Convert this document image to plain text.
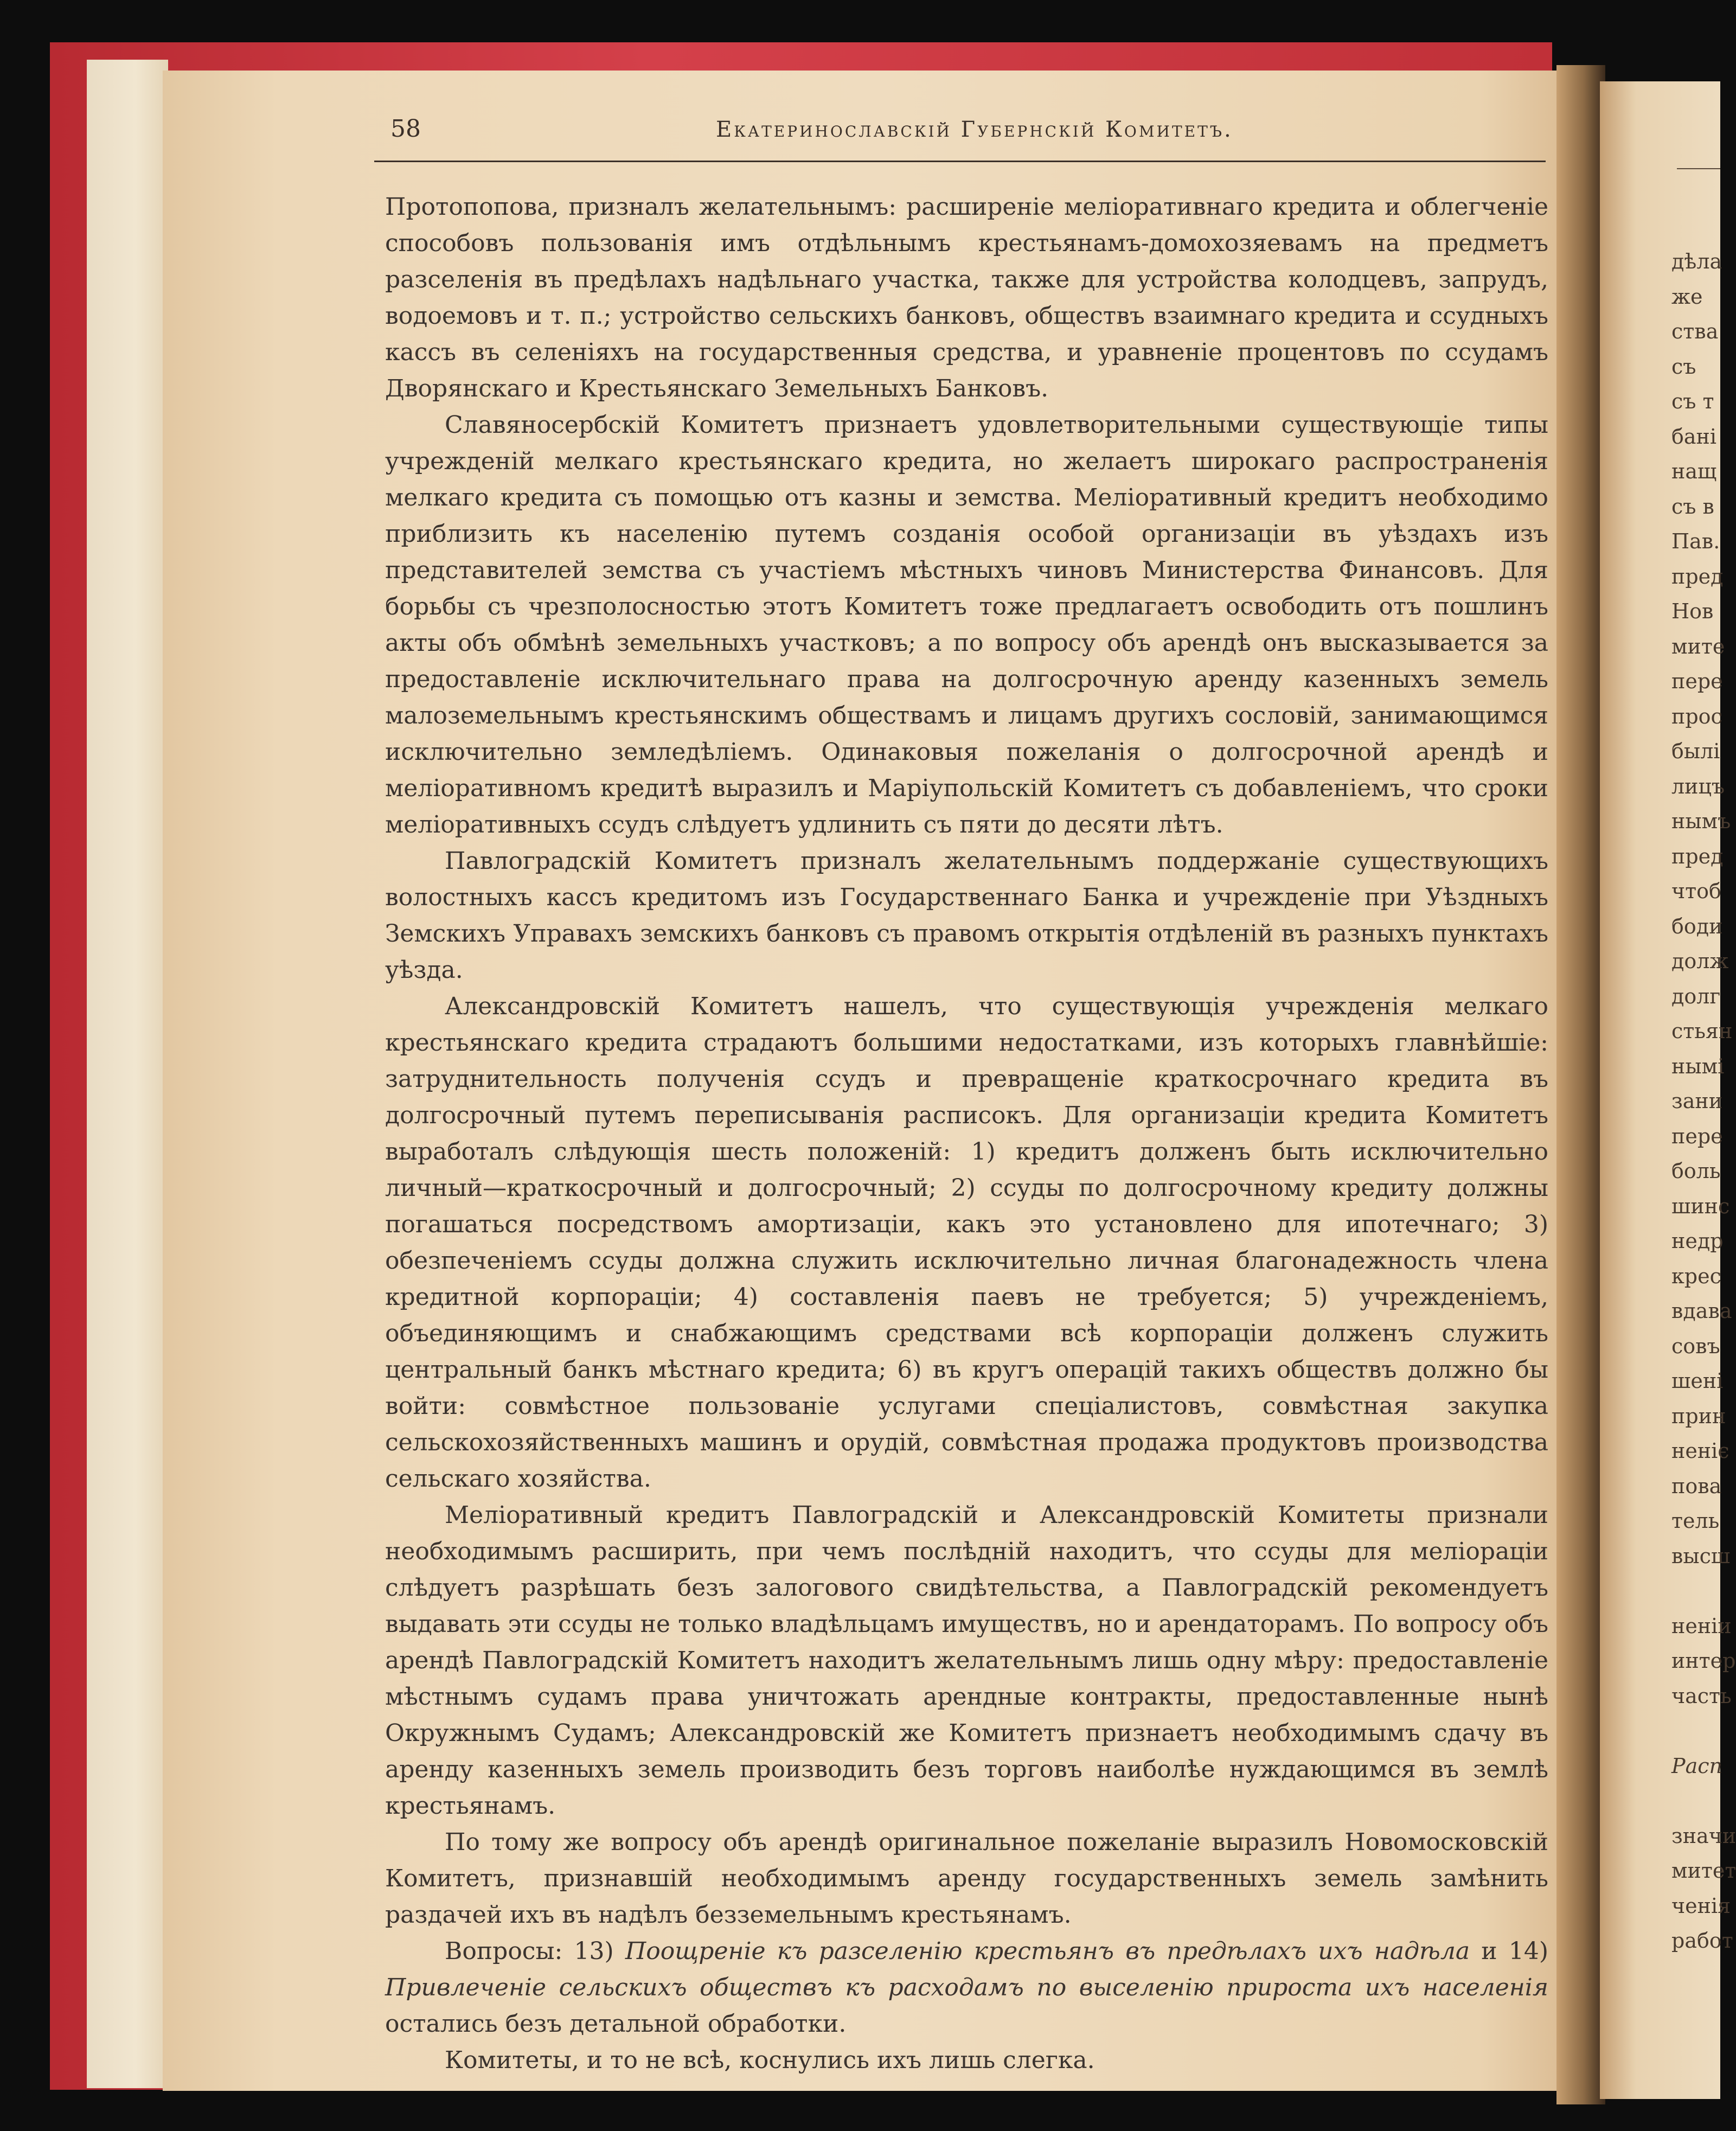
58	Екатеринославскій Губернскій Комитетъ.

Протопопова, призналъ желательнымъ: расширеніе меліоративнаго кредита и облегченіе способовъ пользованія имъ отдѣльнымъ крестьянамъ-домохозяевамъ на предметъ разселенія въ предѣлахъ надѣльнаго участка, также для устройства колодцевъ, запрудъ, водоемовъ и т. п.; устройство сельскихъ банковъ, обществъ взаимнаго кредита и ссудныхъ кассъ въ селеніяхъ на государственныя средства, и уравненіе процентовъ по ссудамъ Дворянскаго и Крестьянскаго Земельныхъ Банковъ.

Славяносербскій Комитетъ признаетъ удовлетворительными существующіе типы учрежденій мелкаго крестьянскаго кредита, но желаетъ широкаго распространенія мелкаго кредита съ помощью отъ казны и земства. Меліоративный кредитъ необходимо приблизить къ населенію путемъ созданія особой организаціи въ уѣздахъ изъ представителей земства съ участіемъ мѣстныхъ чиновъ Министерства Финансовъ. Для борьбы съ чрезполосностью этотъ Комитетъ тоже предлагаетъ освободить отъ пошлинъ акты объ обмѣнѣ земельныхъ участковъ; а по вопросу объ арендѣ онъ высказывается за предоставленіе исключительнаго права на долгосрочную аренду казенныхъ земель малоземельнымъ крестьянскимъ обществамъ и лицамъ другихъ сословій, занимающимся исключительно земледѣліемъ. Одинаковыя пожеланія о долгосрочной арендѣ и меліоративномъ кредитѣ выразилъ и Маріупольскій Комитетъ съ добавленіемъ, что сроки меліоративныхъ ссудъ слѣдуетъ удлинить съ пяти до десяти лѣтъ.

Павлоградскій Комитетъ призналъ желательнымъ поддержаніе существующихъ волостныхъ кассъ кредитомъ изъ Государственнаго Банка и учрежденіе при Уѣздныхъ Земскихъ Управахъ земскихъ банковъ съ правомъ открытія отдѣленій въ разныхъ пунктахъ уѣзда.

Александровскій Комитетъ нашелъ, что существующія учрежденія мелкаго крестьянскаго кредита страдаютъ большими недостатками, изъ которыхъ главнѣйшіе: затруднительность полученія ссудъ и превращеніе краткосрочнаго кредита въ долгосрочный путемъ переписыванія расписокъ. Для организаціи кредита Комитетъ выработалъ слѣдующія шесть положеній: 1) кредитъ долженъ быть исключительно личный—краткосрочный и долгосрочный; 2) ссуды по долгосрочному кредиту должны погашаться посредствомъ амортизаціи, какъ это установлено для ипотечнаго; 3) обезпеченіемъ ссуды должна служить исключительно личная благонадежность члена кредитной корпораціи; 4) составленія паевъ не требуется; 5) учрежденіемъ, объединяющимъ и снабжающимъ средствами всѣ корпораціи долженъ служить центральный банкъ мѣстнаго кредита; 6) въ кругъ операцій такихъ обществъ должно бы войти: совмѣстное пользованіе услугами спеціалистовъ, совмѣстная закупка сельскохозяйственныхъ машинъ и орудій, совмѣстная продажа продуктовъ производства сельскаго хозяйства.

Меліоративный кредитъ Павлоградскій и Александровскій Комитеты признали необходимымъ расширить, при чемъ послѣдній находитъ, что ссуды для меліораціи слѣдуетъ разрѣшать безъ залогового свидѣтельства, а Павлоградскій рекомендуетъ выдавать эти ссуды не только владѣльцамъ имуществъ, но и арендаторамъ. По вопросу объ арендѣ Павлоградскій Комитетъ находитъ желательнымъ лишь одну мѣру: предоставленіе мѣстнымъ судамъ права уничтожать арендные контракты, предоставленные нынѣ Окружнымъ Судамъ; Александровскій же Комитетъ признаетъ необходимымъ сдачу въ аренду казенныхъ земель производить безъ торговъ наиболѣе нуждающимся въ землѣ крестьянамъ.

По тому же вопросу объ арендѣ оригинальное пожеланіе выразилъ Новомосковскій Комитетъ, признавшій необходимымъ аренду государственныхъ земель замѣнить раздачей ихъ въ надѣлъ безземельнымъ крестьянамъ.

Вопросы: 13) Поощреніе къ разселенію крестьянъ въ предѣлахъ ихъ надѣла и 14) Привлеченіе сельскихъ обществъ къ расходамъ по выселенію прироста ихъ населенія остались безъ детальной обработки.

Комитеты, и то не всѣ, коснулись ихъ лишь слегка.

дѣла
же
ства
съ
съ т
бані
нащ
съ в
Пав.
пред
Нов
мите
пере
прос
былі
лицъ
нымъ
пред
чтоб
боди
долж
долг
стьян
нымі
зани
пере
боль
шинс
недр
крес
вдава
совъ
шені
прин
неніє
пова
тель
высш
неніи
интер
часть
Расп
значи
митет
ченія
работ
